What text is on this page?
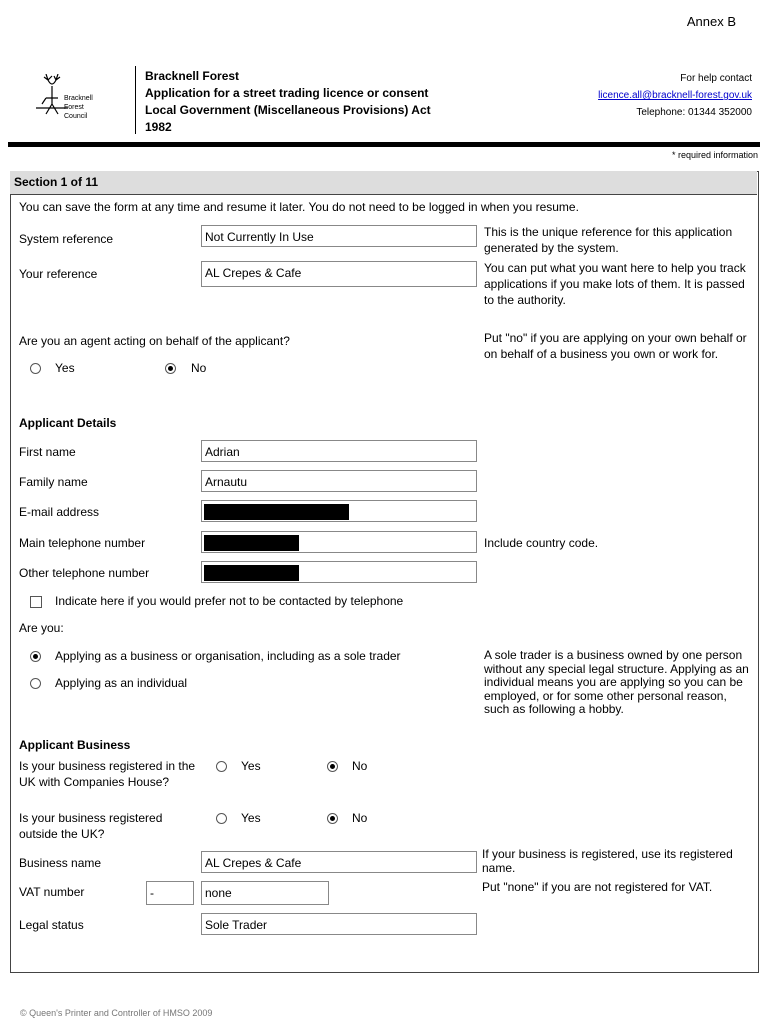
Annex B
Bracknell
Forest
Council
Bracknell Forest
Application for a street trading licence or consent
Local Government (Miscellaneous Provisions) Act
1982
For help contact
licence.all@bracknell-forest.gov.uk
Telephone: 01344 352000
* required information
Section 1 of 11
You can save the form at any time and resume it later. You do not need to be logged in when you resume.
System reference	Not Currently In Use	This is the unique reference for this application generated by the system.
Your reference	AL Crepes & Cafe	You can put what you want here to help you track applications if you make lots of them. It is passed to the authority.
Are you an agent acting on behalf of the applicant?
Yes	No
Put "no" if you are applying on your own behalf or on behalf of a business you own or work for.
Applicant Details
First name	Adrian
Family name	Arnautu
E-mail address
Main telephone number	Include country code.
Other telephone number
Indicate here if you would prefer not to be contacted by telephone
Are you:
Applying as a business or organisation, including as a sole trader
Applying as an individual
A sole trader is a business owned by one person without any special legal structure. Applying as an individual means you are applying so you can be employed, or for some other personal reason, such as following a hobby.
Applicant Business
Is your business registered in the UK with Companies House?
Yes	No
Is your business registered outside the UK?
Yes	No
Business name	AL Crepes & Cafe
If your business is registered, use its registered name.
VAT number	-	none	Put "none" if you are not registered for VAT.
Legal status	Sole Trader
© Queen's Printer and Controller of HMSO 2009
